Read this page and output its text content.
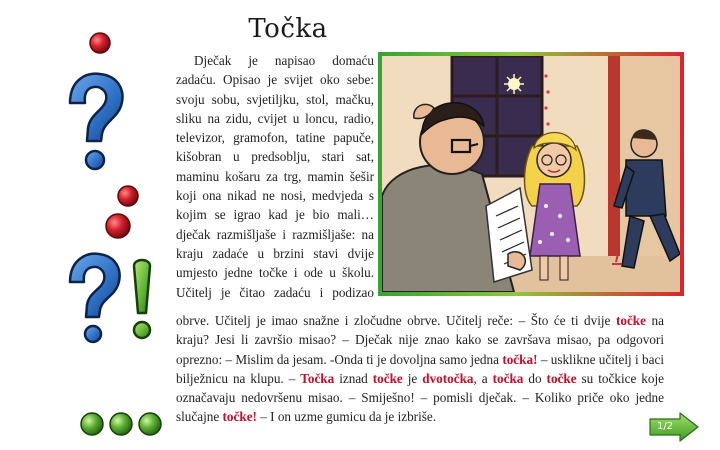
Točka

Dječak je napisao domaću zadaću. Opisao je svijet oko sebe: svoju sobu, svjetiljku, stol, mačku, sliku na zidu, cvijet u loncu, radio, televizor, gramofon, tatine papuče, kišobran u predsoblju, stari sat, maminu košaru za trg, mamin šešir koji ona nikad ne nosi, medvjeda s kojim se igrao kad je bio mali…

dječak razmišljaše i razmišljaše: na kraju zadaće u brzini stavi dvije umjesto jedne točke i ode u školu. Učitelj je čitao zadaću i podizao

obrve. Učitelj je imao snažne i zločudne obrve. Učitelj reče: – Što će ti dvije točke na kraju? Jesi li završio misao? – Dječak nije znao kako se završava misao, pa odgovori oprezno: – Mislim da jesam. -Onda ti je dovoljna samo jedna točka! – usklikne učitelj i baci bilježnicu na klupu. – Točka iznad točke je dvotočka, a točka do točke su točkice koje označavaju nedovršenu misao. – Smiješno! – pomisli dječak. – Koliko priče oko jedne slučajne točke! – I on uzme gumicu da je izbriše.

1/2
